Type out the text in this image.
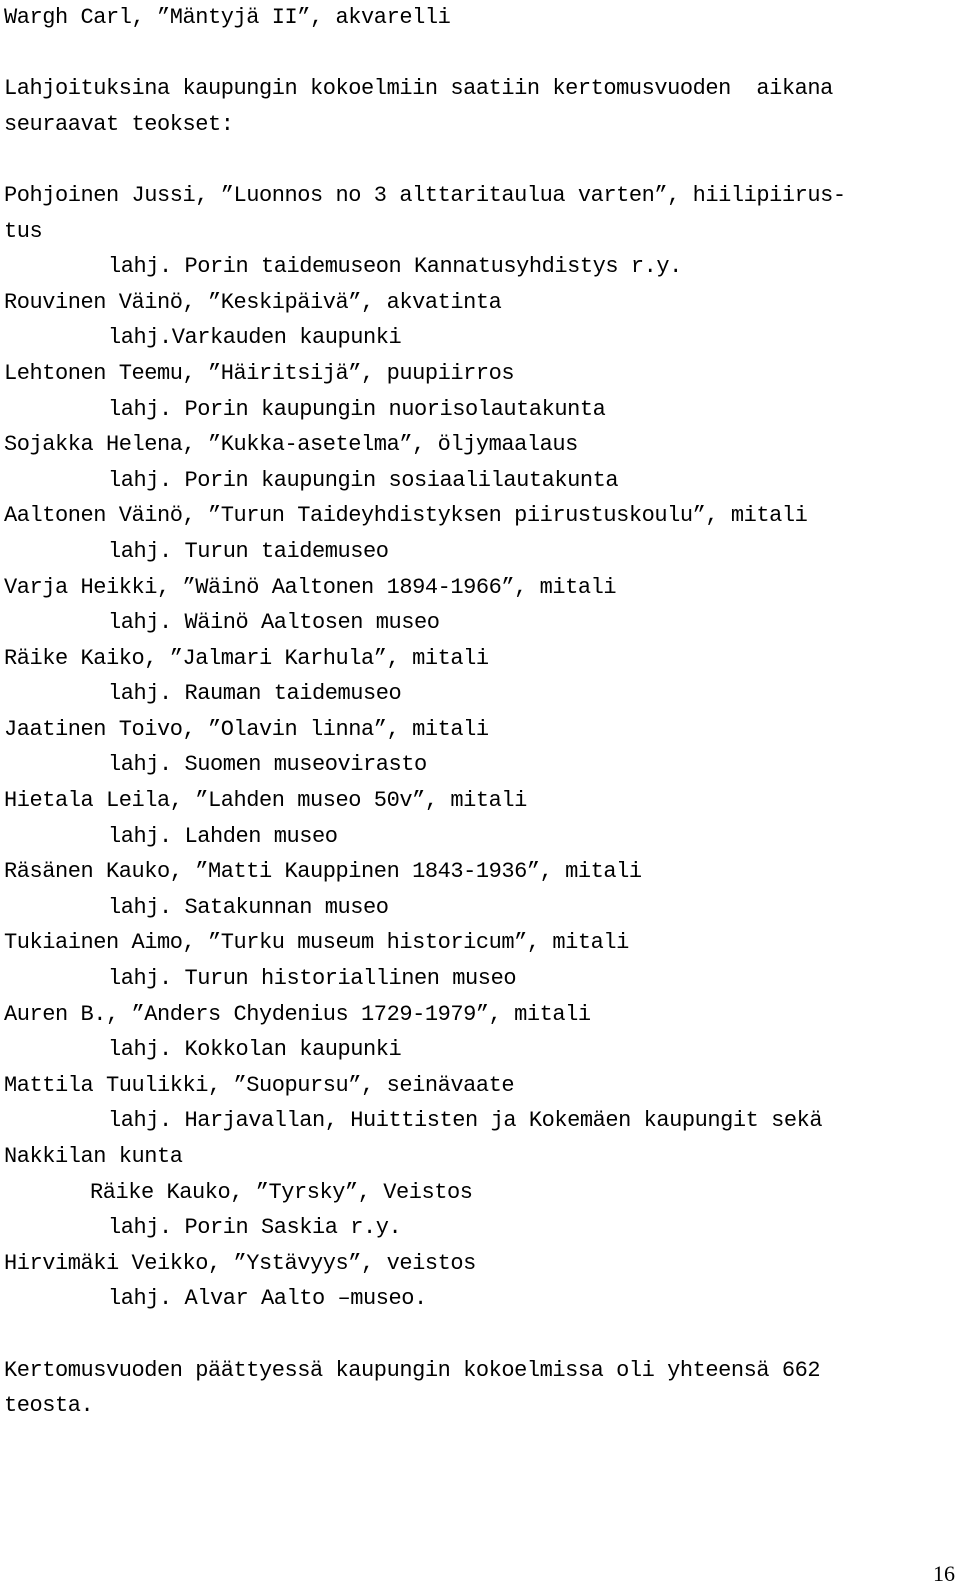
Wargh Carl, ”Mäntyjä II”, akvarelli
Lahjoituksina kaupungin kokoelmiin saatiin kertomusvuoden  aikana
seuraavat teokset:
Pohjoinen Jussi, ”Luonnos no 3 alttaritaulua varten”, hiilipiirus-
tus
lahj. Porin taidemuseon Kannatusyhdistys r.y.
Rouvinen Väinö, ”Keskipäivä”, akvatinta
lahj.Varkauden kaupunki
Lehtonen Teemu, ”Häiritsijä”, puupiirros
lahj. Porin kaupungin nuorisolautakunta
Sojakka Helena, ”Kukka-asetelma”, öljymaalaus
lahj. Porin kaupungin sosiaalilautakunta
Aaltonen Väinö, ”Turun Taideyhdistyksen piirustuskoulu”, mitali
lahj. Turun taidemuseo
Varja Heikki, ”Wäinö Aaltonen 1894-1966”, mitali
lahj. Wäinö Aaltosen museo
Räike Kaiko, ”Jalmari Karhula”, mitali
lahj. Rauman taidemuseo
Jaatinen Toivo, ”Olavin linna”, mitali
lahj. Suomen museovirasto
Hietala Leila, ”Lahden museo 50v”, mitali
lahj. Lahden museo
Räsänen Kauko, ”Matti Kauppinen 1843-1936”, mitali
lahj. Satakunnan museo
Tukiainen Aimo, ”Turku museum historicum”, mitali
lahj. Turun historiallinen museo
Auren B., ”Anders Chydenius 1729-1979”, mitali
lahj. Kokkolan kaupunki
Mattila Tuulikki, ”Suopursu”, seinävaate
lahj. Harjavallan, Huittisten ja Kokemäen kaupungit sekä
Nakkilan kunta
Räike Kauko, ”Tyrsky”, Veistos
lahj. Porin Saskia r.y.
Hirvimäki Veikko, ”Ystävyys”, veistos
lahj. Alvar Aalto –museo.
Kertomusvuoden päättyessä kaupungin kokoelmissa oli yhteensä 662
teosta.
16
